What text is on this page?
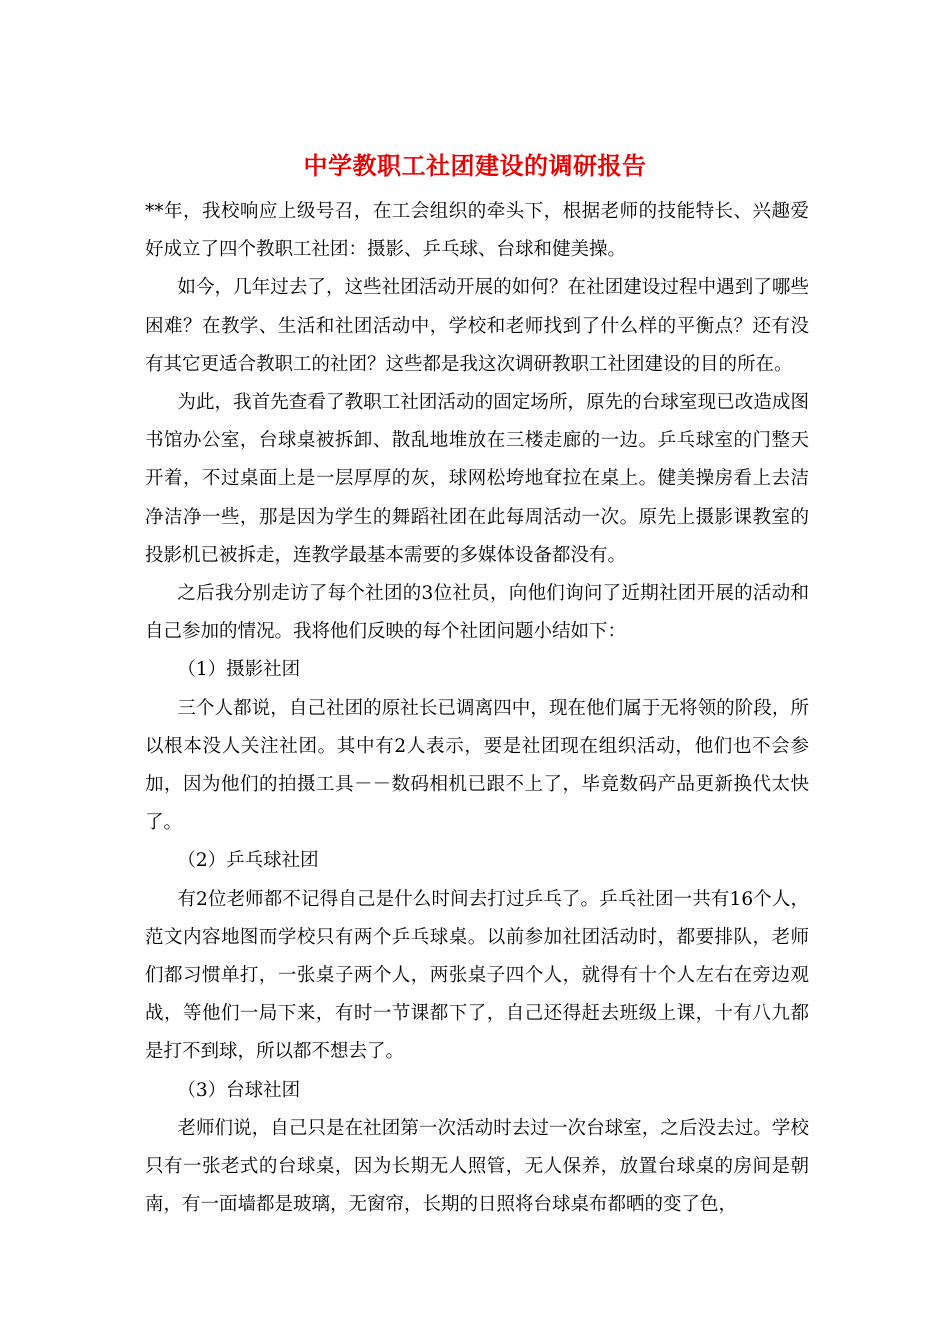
中学教职工社团建设的调研报告

**年，我校响应上级号召，在工会组织的牵头下，根据老师的技能特长、兴趣爱好成立了四个教职工社团：摄影、乒乓球、台球和健美操。

如今，几年过去了，这些社团活动开展的如何？在社团建设过程中遇到了哪些困难？在教学、生活和社团活动中，学校和老师找到了什么样的平衡点？还有没有其它更适合教职工的社团？这些都是我这次调研教职工社团建设的目的所在。

为此，我首先查看了教职工社团活动的固定场所，原先的台球室现已改造成图书馆办公室，台球桌被拆卸、散乱地堆放在三楼走廊的一边。乒乓球室的门整天开着，不过桌面上是一层厚厚的灰，球网松垮地耷拉在桌上。健美操房看上去洁净洁净一些，那是因为学生的舞蹈社团在此每周活动一次。原先上摄影课教室的投影机已被拆走，连教学最基本需要的多媒体设备都没有。

之后我分别走访了每个社团的3位社员，向他们询问了近期社团开展的活动和自己参加的情况。我将他们反映的每个社团问题小结如下：

（1）摄影社团

三个人都说，自己社团的原社长已调离四中，现在他们属于无将领的阶段，所以根本没人关注社团。其中有2人表示，要是社团现在组织活动，他们也不会参加，因为他们的拍摄工具－－数码相机已跟不上了，毕竟数码产品更新换代太快了。

（2）乒乓球社团

有2位老师都不记得自己是什么时间去打过乒乓了。乒乓社团一共有16个人，范文内容地图而学校只有两个乒乓球桌。以前参加社团活动时，都要排队，老师们都习惯单打，一张桌子两个人，两张桌子四个人，就得有十个人左右在旁边观战，等他们一局下来，有时一节课都下了，自己还得赶去班级上课，十有八九都是打不到球，所以都不想去了。

（3）台球社团

老师们说，自己只是在社团第一次活动时去过一次台球室，之后没去过。学校只有一张老式的台球桌，因为长期无人照管，无人保养，放置台球桌的房间是朝南，有一面墙都是玻璃，无窗帘，长期的日照将台球桌布都晒的变了色，
